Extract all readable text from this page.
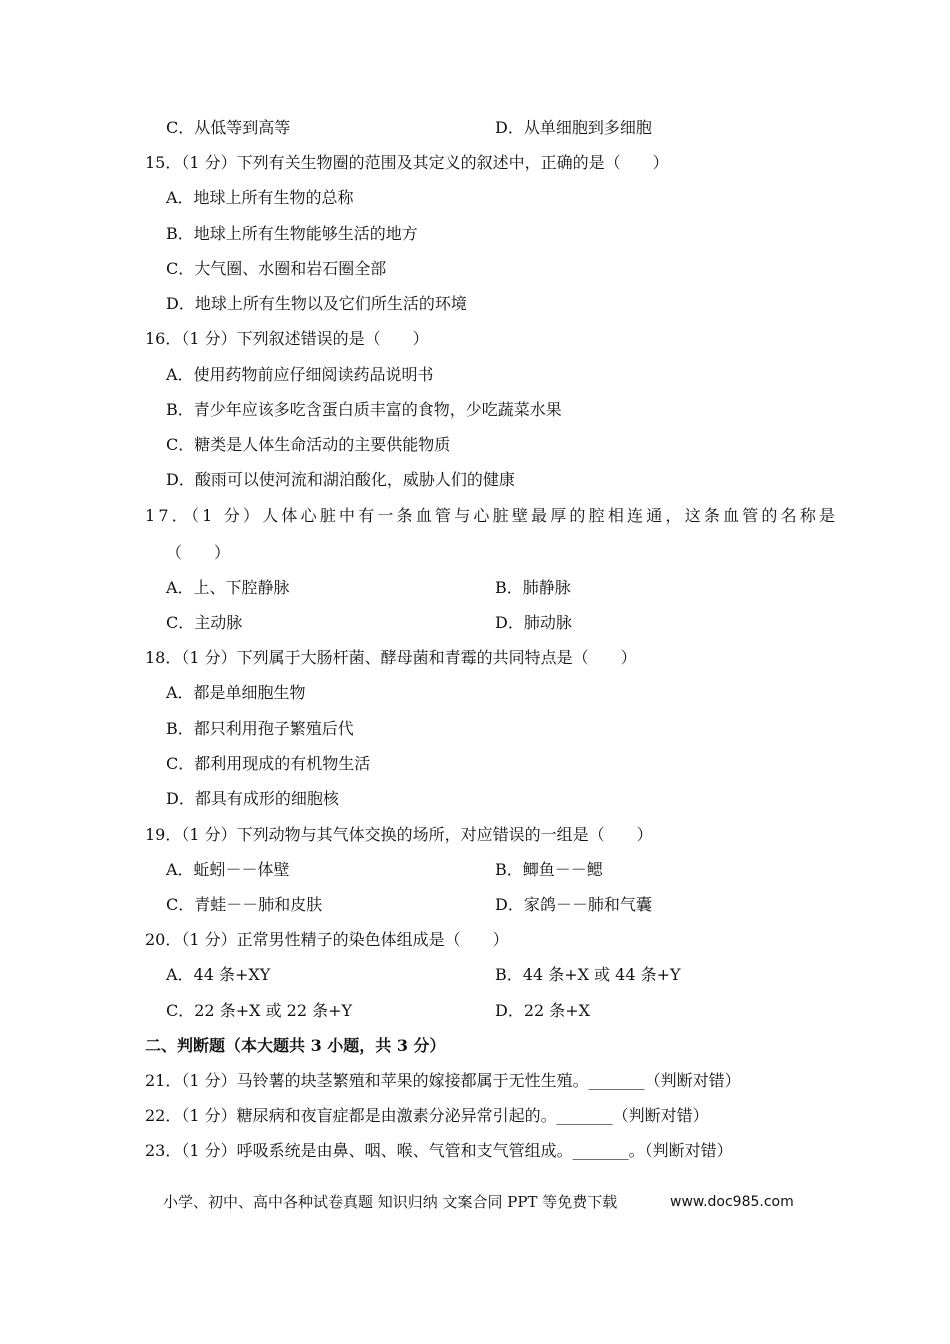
C．从低等到高等	D．从单细胞到多细胞
15．（1 分）下列有关生物圈的范围及其定义的叙述中，正确的是（　　）
A．地球上所有生物的总称
B．地球上所有生物能够生活的地方
C．大气圈、水圈和岩石圈全部
D．地球上所有生物以及它们所生活的环境
16．（1 分）下列叙述错误的是（　　）
A．使用药物前应仔细阅读药品说明书
B．青少年应该多吃含蛋白质丰富的食物，少吃蔬菜水果
C．糖类是人体生命活动的主要供能物质
D．酸雨可以使河流和湖泊酸化，威胁人们的健康
17．（1 分）人体心脏中有一条血管与心脏壁最厚的腔相连通，这条血管的名称是
（　　）
A．上、下腔静脉	B．肺静脉
C．主动脉	D．肺动脉
18．（1 分）下列属于大肠杆菌、酵母菌和青霉的共同特点是（　　）
A．都是单细胞生物
B．都只利用孢子繁殖后代
C．都利用现成的有机物生活
D．都具有成形的细胞核
19．（1 分）下列动物与其气体交换的场所，对应错误的一组是（　　）
A．蚯蚓－－体壁	B．鲫鱼－－鳃
C．青蛙－－肺和皮肤	D．家鸽－－肺和气囊
20．（1 分）正常男性精子的染色体组成是（　　）
A．44 条+XY	B．44 条+X 或 44 条+Y
C．22 条+X 或 22 条+Y	D．22 条+X
二、判断题（本大题共 3 小题，共 3 分）
21．（1 分）马铃薯的块茎繁殖和苹果的嫁接都属于无性生殖。_______（判断对错）
22．（1 分）糖尿病和夜盲症都是由激素分泌异常引起的。_______（判断对错）
23．（1 分）呼吸系统是由鼻、咽、喉、气管和支气管组成。_______。（判断对错）
小学、初中、高中各种试卷真题 知识归纳 文案合同 PPT 等免费下载	www.doc985.com
